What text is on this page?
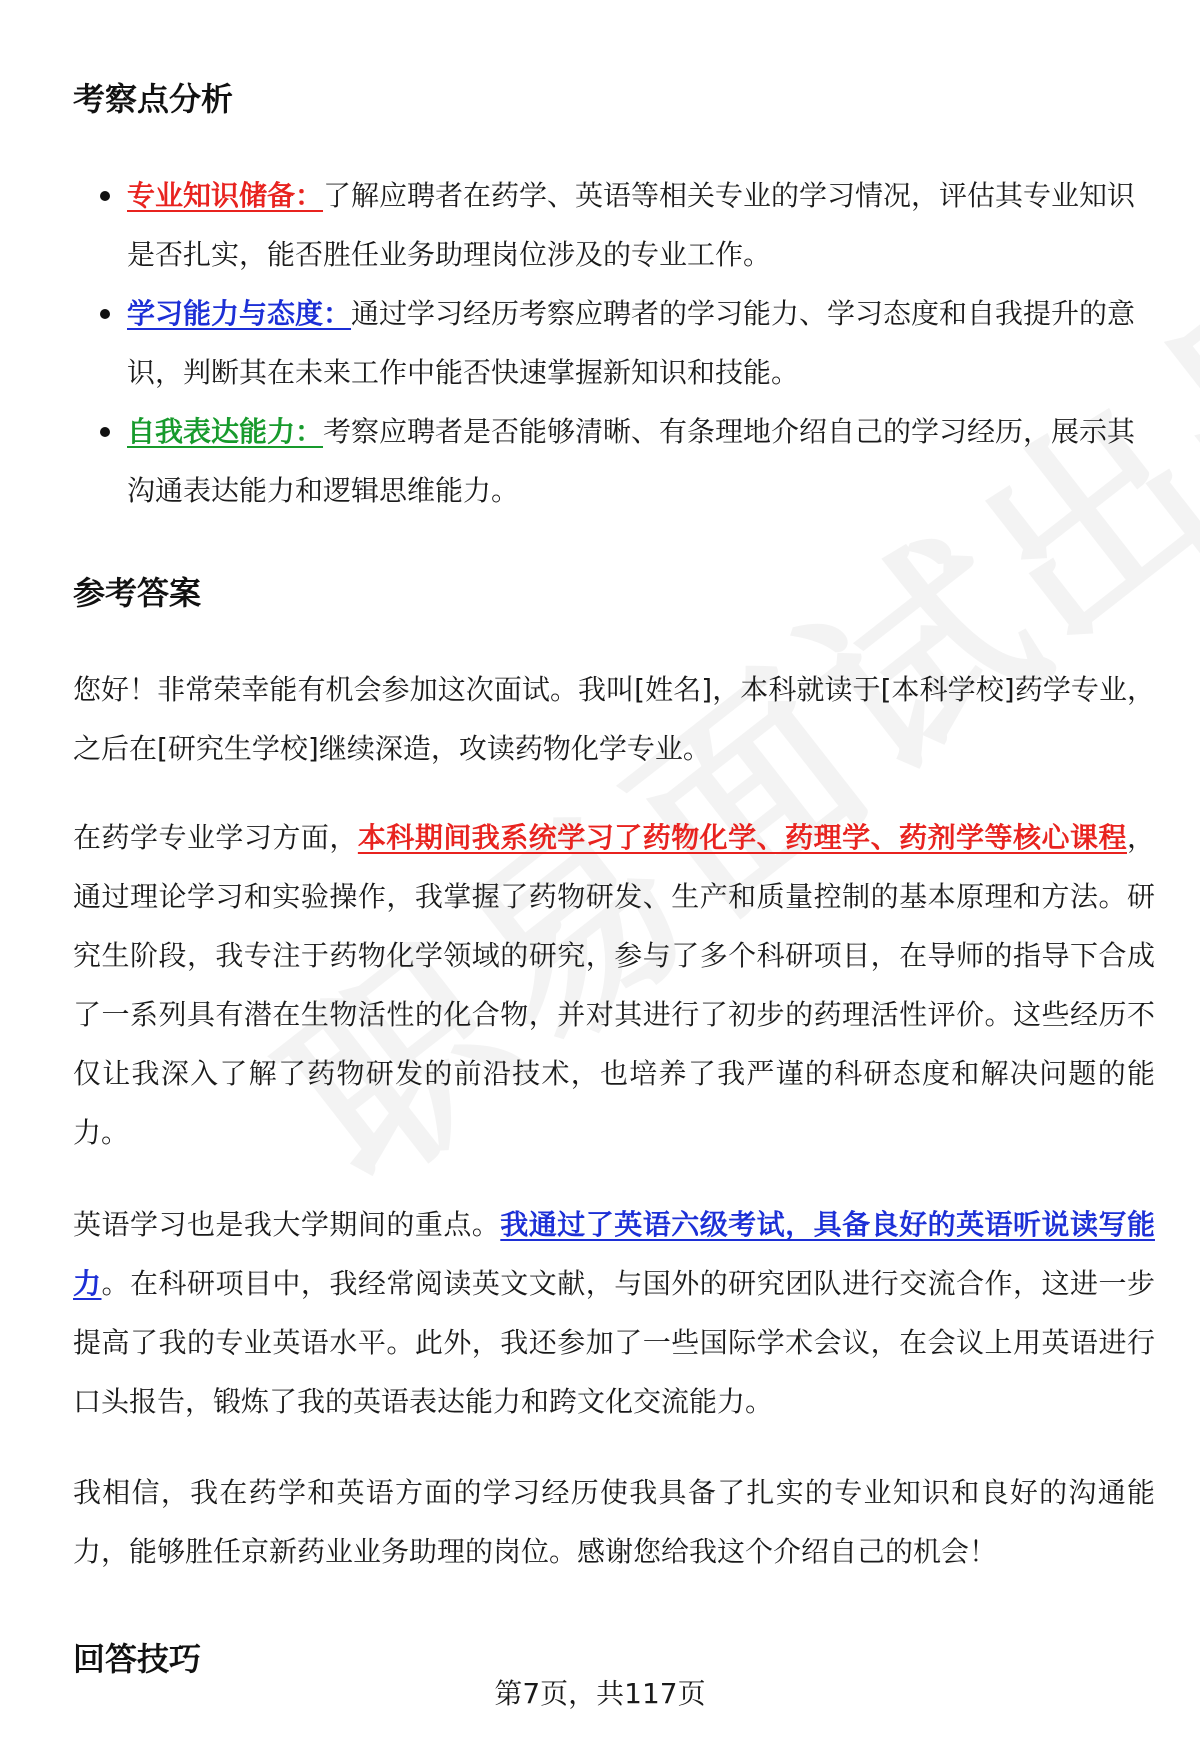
考察点分析
专业知识储备：了解应聘者在药学、英语等相关专业的学习情况，评估其专业知识是否扎实，能否胜任业务助理岗位涉及的专业工作。
学习能力与态度：通过学习经历考察应聘者的学习能力、学习态度和自我提升的意识，判断其在未来工作中能否快速掌握新知识和技能。
自我表达能力：考察应聘者是否能够清晰、有条理地介绍自己的学习经历，展示其沟通表达能力和逻辑思维能力。
参考答案

您好！非常荣幸能有机会参加这次面试。我叫[姓名]，本科就读于[本科学校]药学专业，之后在[研究生学校]继续深造，攻读药物化学专业。

在药学专业学习方面，本科期间我系统学习了药物化学、药理学、药剂学等核心课程，通过理论学习和实验操作，我掌握了药物研发、生产和质量控制的基本原理和方法。研究生阶段，我专注于药物化学领域的研究，参与了多个科研项目，在导师的指导下合成了一系列具有潜在生物活性的化合物，并对其进行了初步的药理活性评价。这些经历不仅让我深入了解了药物研发的前沿技术，也培养了我严谨的科研态度和解决问题的能力。

英语学习也是我大学期间的重点。我通过了英语六级考试，具备良好的英语听说读写能力。在科研项目中，我经常阅读英文文献，与国外的研究团队进行交流合作，这进一步提高了我的专业英语水平。此外，我还参加了一些国际学术会议，在会议上用英语进行口头报告，锻炼了我的英语表达能力和跨文化交流能力。

我相信，我在药学和英语方面的学习经历使我具备了扎实的专业知识和良好的沟通能力，能够胜任京新药业业务助理的岗位。感谢您给我这个介绍自己的机会！

回答技巧
第7页，共117页
